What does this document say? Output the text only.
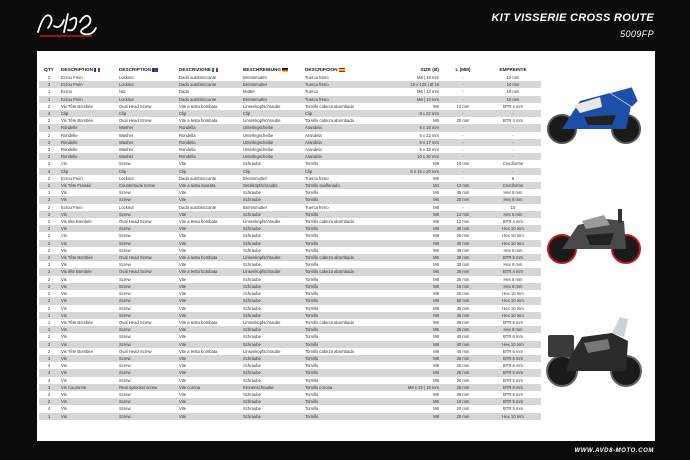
KIT VISSERIE CROSS ROUTE
5009FP
QTY	DESCRIPTION	DESCRIPTION	DESCRIZIONE	BESCHREIBUNG	DESCRIPCION	SIZE (Ø)	L (MM)	EMPREINTE
2	Ecrou Frein	Locknut	Dado autobloccante	Bremsmutter	Tuerca freno	M8 | 16 mm	-	12 mm
3	Ecrou Frein	Locknut	Dado autobloccante	Bremsmutter	Tuerca freno	10 x 125 | Ø 19	-	14 mm
1	Ecrou	Nut	Dado	Mutter	Tuerca	M6 | 13 mm	-	10 mm
1	Ecrou Frein	Locknut	Dado autobloccante	Bremsmutter	Tuerca freno	M6 | 13 mm	-	10 mm
2	Vis Tête Bombée	Oval Head Screw	Vite a testa bombata	Linsenkopfschraube	Tornillo cabeza abombada	M6	12 mm	BTR 4 mm
4	Clip	Clip	Clip	Clip	Clip	8 x 22 mm	-	-
2	Vis Tête Bombée	Oval Head Screw	Vite a testa bombata	Linsenkopfschraube	Tornillo cabeza abombada	M6	20 mm	BTR 4 mm
5	Rondelle	Washer	Rondella	Unterlegscheibe	Arandela	6 x 16 mm	-	-
2	Rondelle	Washer	Rondella	Unterlegscheibe	Arandela	6 x 22 mm	-	-
2	Rondelle	Washer	Rondella	Unterlegscheibe	Arandela	8 x 17 mm	-	-
3	Rondelle	Washer	Rondella	Unterlegscheibe	Arandela	6 x 12 mm	-	-
2	Rondelle	Washer	Rondella	Unterlegscheibe	Arandela	10 x 20 mm	-	-
3	Vis	Screw	Vite	Schraube	Tornillo	M5	10 mm	Cruciforme
4	Clip	Clip	Clip	Clip	Clip	8 x 15 x 20 mm	-	-
2	Ecrou Frein	Locknut	Dado autobloccante	Bremsmutter	Tuerca freno	M5	-	8
2	Vis Tête Fraisée	Countersunk screw	Vite a testa svasata	Senkkopfschraube	Tornillo avellanado	M4	12 mm	Cruciforme
1	Vis	Screw	Vite	Schraube	Tornillo	M6	45 mm	Hex 8 mm
2	Vis	Screw	Vite	Schraube	Tornillo	M6	20 mm	Hex 8 mm
2	Ecrou Frein	Locknut	Dado autobloccante	Bremsmutter	Tuerca freno	M6	-	10
2	Vis	Screw	Vite	Schraube	Tornillo	M6	12 mm	Hex 8 mm
2	Vis tête Bombée	Oval Head Screw	Vite a testa bombata	Linsenkopfschraube	Tornillo cabeza abombada	M6	12 mm	BTR 4 mm
2	Vis	Screw	Vite	Schraube	Tornillo	M8	30 mm	Hex 10 mm
2	Vis	Screw	Vite	Schraube	Tornillo	M8	25 mm	Hex 10 mm
2	Vis	Screw	Vite	Schraube	Tornillo	M8	40 mm	Hex 10 mm
2	Vis	Screw	Vite	Schraube	Tornillo	M6	40 mm	Hex 8 mm
2	Vis Tête Bombée	Oval Head Screw	Vite a testa bombata	Linsenkopfschraube	Tornillo cabeza abombada	M6	30 mm	BTR 5 mm
2	Vis	Screw	Vite	Schraube	Tornillo	M6	30 mm	Hex 8 mm
2	Vis tête Bombée	Oval Head Screw	Vite a testa bombata	Linsenkopfschraube	Tornillo cabeza abombada	M6	25 mm	BTR 4 mm
2	Vis	Screw	Vite	Schraube	Tornillo	M6	25 mm	Hex 8 mm
2	Vis	Screw	Vite	Schraube	Tornillo	M6	16 mm	Hex 8 mm
2	Vis	Screw	Vite	Schraube	Tornillo	M8	20 mm	Hex 10 mm
2	Vis	Screw	Vite	Schraube	Tornillo	M8	50 mm	Hex 10 mm
2	Vis	Screw	Vite	Schraube	Tornillo	M8	35 mm	Hex 10 mm
1	Vis	Screw	Vite	Schraube	Tornillo	M8	45 mm	Hex 10 mm
1	Vis Tête Bombée	Oval Head Screw	Vite a testa bombata	Linsenkopfschraube	Tornillo cabeza abombada	M6	30 mm	BTR 5 mm
1	Vis	Screw	Vite	Schraube	Tornillo	M6	35 mm	Hex 8 mm
2	Vis	Screw	Vite	Schraube	Tornillo	M8	40 mm	BTR 6 mm
2	Vis	Screw	Vite	Schraube	Tornillo	M8	40 mm	Hex 10 mm
2	Vis Tête Bombée	Oval Head Screw	Vite a testa bombata	Linsenkopfschraube	Tornillo cabeza abombada	M8	40 mm	BTR 5 mm
3	Vis	Screw	Vite	Schraube	Tornillo	M8	30 mm	BTR 6 mm
4	Vis	Screw	Vite	Schraube	Tornillo	M8	20 mm	BTR 6 mm
4	Vis	Screw	Vite	Schraube	Tornillo	M6	25 mm	BTR 5 mm
4	Vis	Screw	Vite	Schraube	Tornillo	M6	20 mm	BTR 5 mm
3	Vis Couronne	Rear sprocket screw	Vite corona	Kronenschraube	Tornillo corona	M8 x 32 | 16 mm	25 mm	BTR 8 mm
4	Vis	Screw	Vite	Schraube	Tornillo	M5	30 mm	BTR 5 mm
2	Vis	Screw	Vite	Schraube	Tornillo	M6	16 mm	BTR 5 mm
4	Vis	Screw	Vite	Schraube	Tornillo	M6	20 mm	BTR 5 mm
1	Vis	Screw	Vite	Schraube	Tornillo	M8	20 mm	Hex 10 mm
WWW.AVD8-MOTO.COM
